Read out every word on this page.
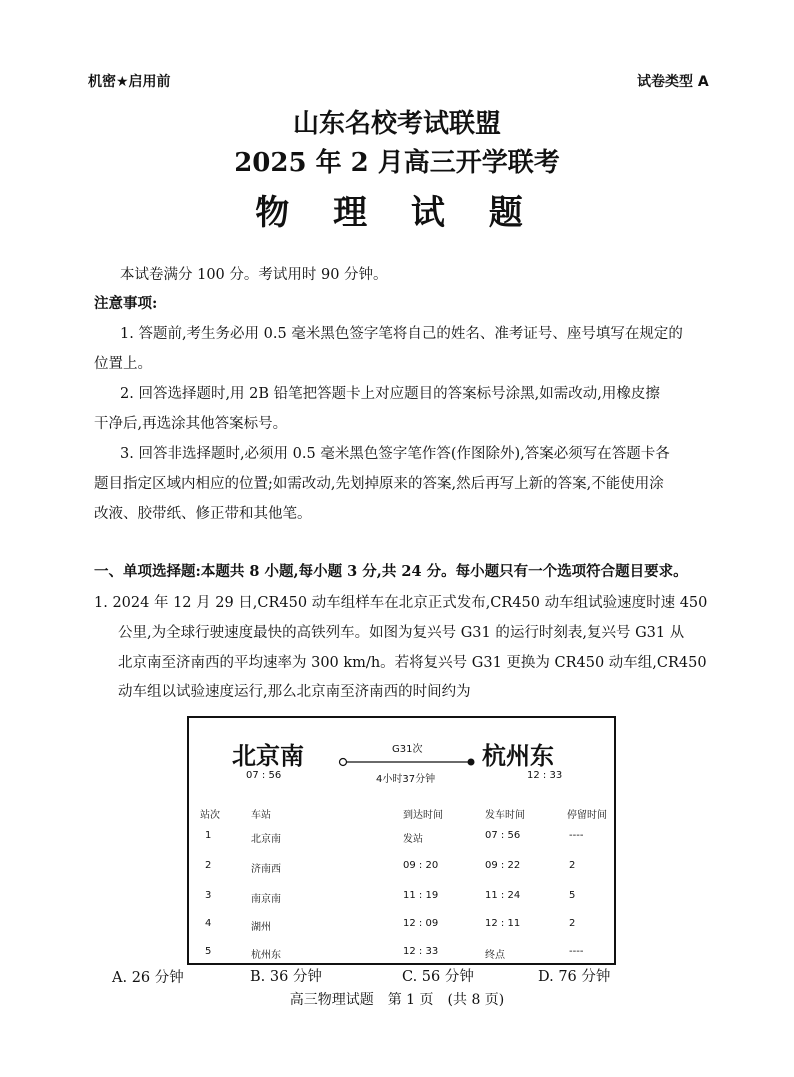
机密★启用前	试卷类型 A
山东名校考试联盟
2025 年 2 月高三开学联考
物 理 试 题
本试卷满分 100 分。考试用时 90 分钟。
注意事项:
1. 答题前,考生务必用 0.5 毫米黑色签字笔将自己的姓名、准考证号、座号填写在规定的
位置上。
2. 回答选择题时,用 2B 铅笔把答题卡上对应题目的答案标号涂黑,如需改动,用橡皮擦
干净后,再选涂其他答案标号。
3. 回答非选择题时,必须用 0.5 毫米黑色签字笔作答(作图除外),答案必须写在答题卡各
题目指定区域内相应的位置;如需改动,先划掉原来的答案,然后再写上新的答案,不能使用涂
改液、胶带纸、修正带和其他笔。
一、单项选择题:本题共 8 小题,每小题 3 分,共 24 分。每小题只有一个选项符合题目要求。
1. 2024 年 12 月 29 日,CR450 动车组样车在北京正式发布,CR450 动车组试验速度时速 450
公里,为全球行驶速度最快的高铁列车。如图为复兴号 G31 的运行时刻表,复兴号 G31 从
北京南至济南西的平均速率为 300 km/h。若将复兴号 G31 更换为 CR450 动车组,CR450
动车组以试验速度运行,那么北京南至济南西的时间约为
北京南
07 : 56
杭州东
12 : 33
G31次
4小时37分钟
站次	车站	到达时间	发车时间	停留时间
1	北京南	发站	07 : 56	----
2	济南西	09 : 20	09 : 22	2
3	南京南	11 : 19	11 : 24	5
4	湖州	12 : 09	12 : 11	2
5	杭州东	12 : 33	终点	----
A. 26 分钟	B. 36 分钟	C. 56 分钟	D. 76 分钟
高三物理试题　第 1 页　(共 8 页)
